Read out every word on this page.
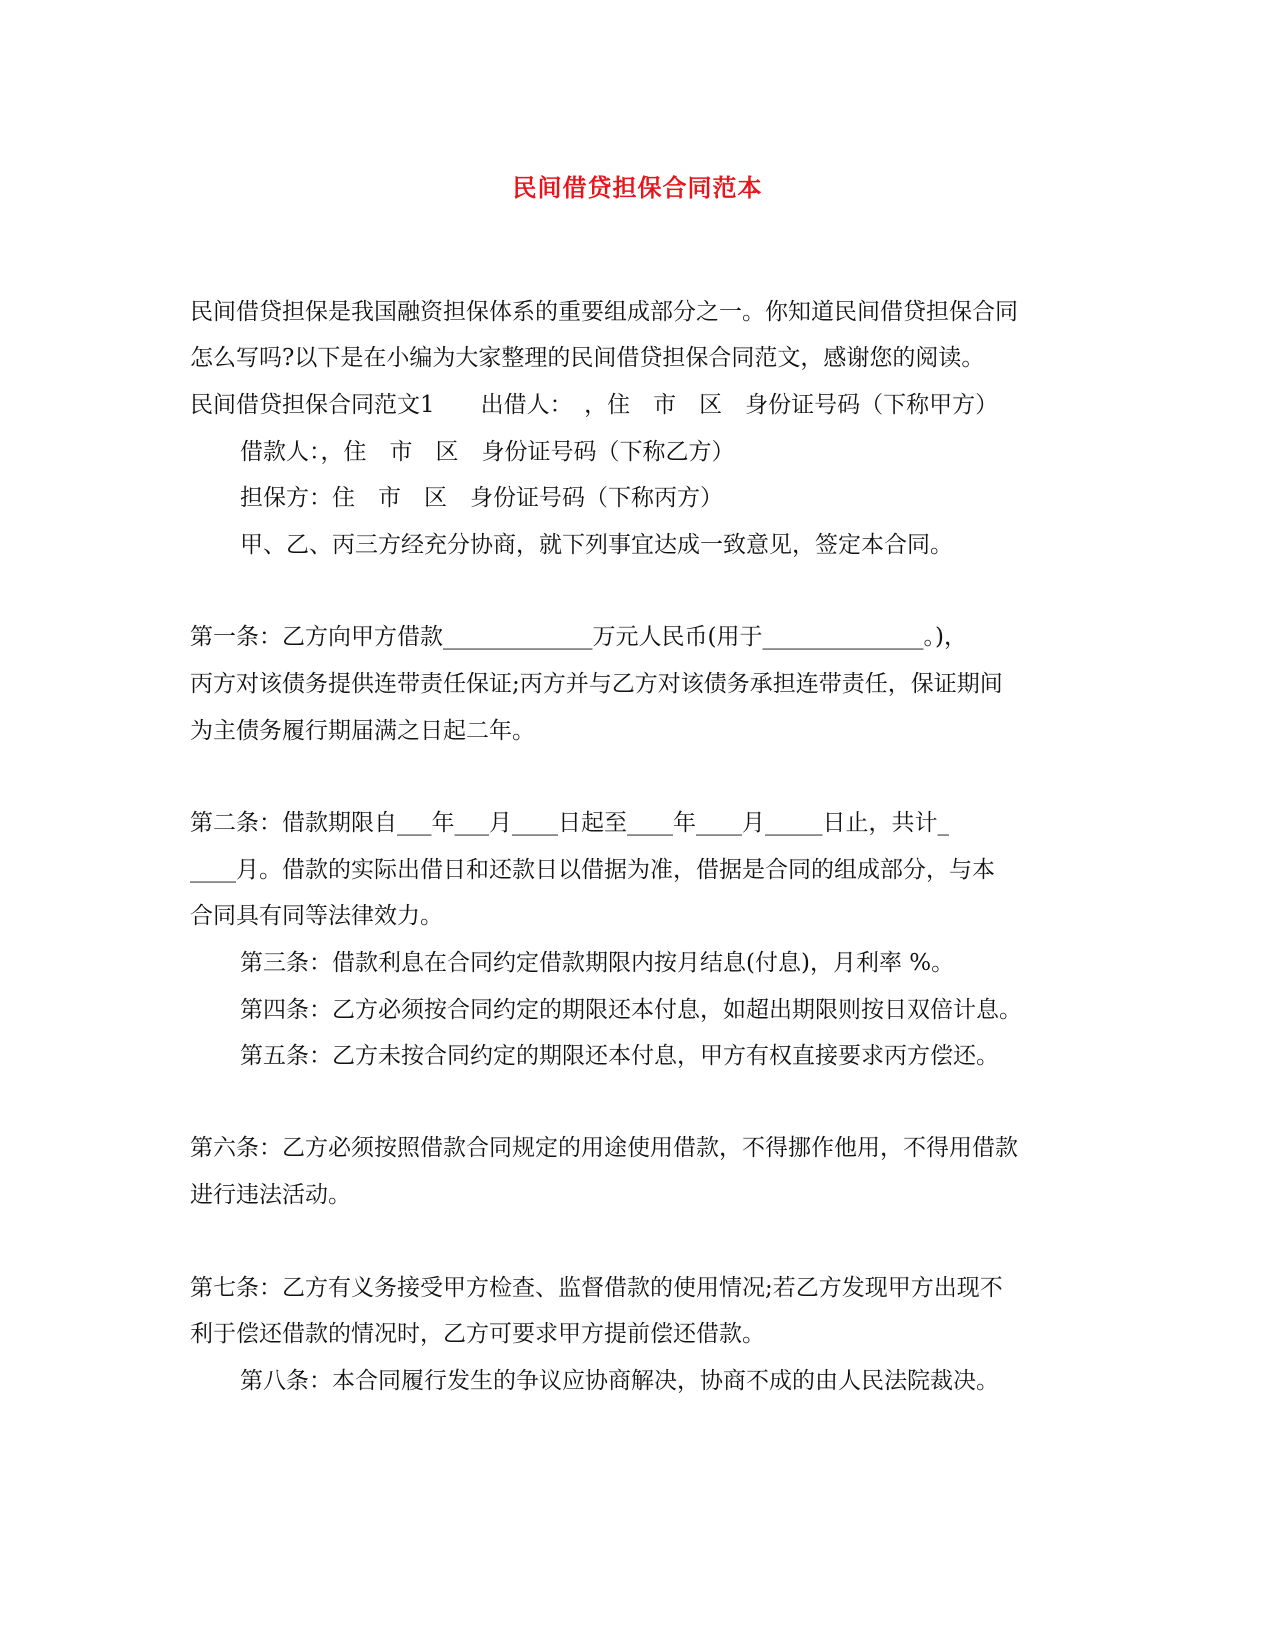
民间借贷担保合同范本
民间借贷担保是我国融资担保体系的重要组成部分之一。你知道民间借贷担保合同
怎么写吗?以下是在小编为大家整理的民间借贷担保合同范文，感谢您的阅读。
民间借贷担保合同范文1　　出借人：　，住　市　区　身份证号码（下称甲方）
借款人：，住　市　区　身份证号码（下称乙方）
担保方：住　市　区　身份证号码（下称丙方）
甲、乙、丙三方经充分协商，就下列事宜达成一致意见，签定本合同。
第一条：乙方向甲方借款_____________万元人民币(用于______________。)，
丙方对该债务提供连带责任保证;丙方并与乙方对该债务承担连带责任，保证期间
为主债务履行期届满之日起二年。
第二条：借款期限自___年___月____日起至____年____月_____日止，共计_
____月。借款的实际出借日和还款日以借据为准，借据是合同的组成部分，与本
合同具有同等法律效力。
第三条：借款利息在合同约定借款期限内按月结息(付息)，月利率 %。
第四条：乙方必须按合同约定的期限还本付息，如超出期限则按日双倍计息。
第五条：乙方未按合同约定的期限还本付息，甲方有权直接要求丙方偿还。
第六条：乙方必须按照借款合同规定的用途使用借款，不得挪作他用，不得用借款
进行违法活动。
第七条：乙方有义务接受甲方检查、监督借款的使用情况;若乙方发现甲方出现不
利于偿还借款的情况时，乙方可要求甲方提前偿还借款。
第八条：本合同履行发生的争议应协商解决，协商不成的由人民法院裁决。
